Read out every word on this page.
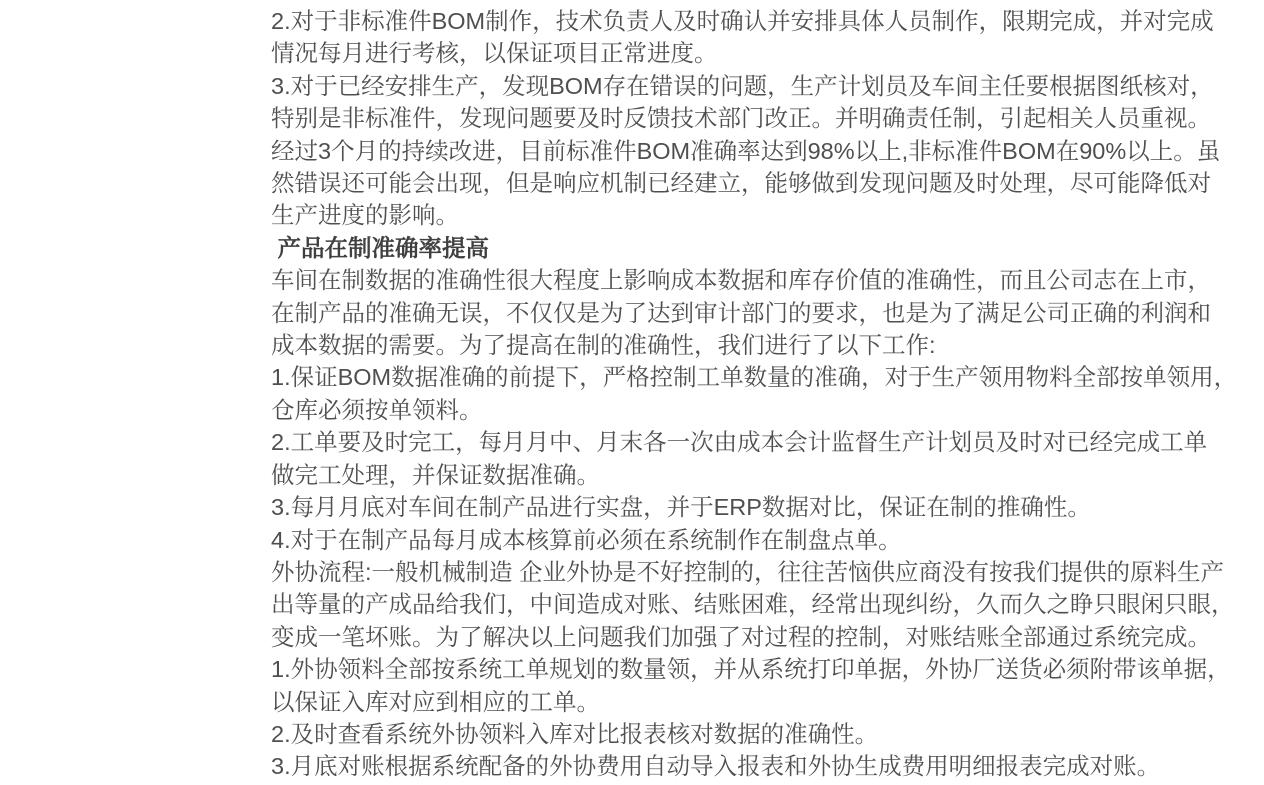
2.对于非标准件BOM制作，技术负责人及时确认并安排具体人员制作，限期完成，并对完成
情况每月进行考核，以保证项目正常进度。
3.对于已经安排生产，发现BOM存在错误的问题，生产计划员及车间主任要根据图纸核对，
特别是非标准件，发现问题要及时反馈技术部门改正。并明确责任制，引起相关人员重视。
经过3个月的持续改进，目前标准件BOM准确率达到98%以上,非标准件BOM在90%以上。虽
然错误还可能会出现，但是响应机制已经建立，能够做到发现问题及时处理，尽可能降低对
生产进度的影响。
产品在制准确率提高
车间在制数据的准确性很大程度上影响成本数据和库存价值的准确性，而且公司志在上市，
在制产品的准确无误，不仅仅是为了达到审计部门的要求，也是为了满足公司正确的利润和
成本数据的需要。为了提高在制的准确性，我们进行了以下工作:
1.保证BOM数据准确的前提下，严格控制工单数量的准确，对于生产领用物料全部按单领用，
仓库必须按单领料。
2.工单要及时完工，每月月中、月末各一次由成本会计监督生产计划员及时对已经完成工单
做完工处理，并保证数据准确。
3.每月月底对车间在制产品进行实盘，并于ERP数据对比，保证在制的推确性。
4.对于在制产品每月成本核算前必须在系统制作在制盘点单。
外协流程:一般机械制造 企业外协是不好控制的，往往苦恼供应商没有按我们提供的原料生产
出等量的产成品给我们，中间造成对账、结账困难，经常出现纠纷，久而久之睁只眼闲只眼，
变成一笔坏账。为了解决以上问题我们加强了对过程的控制，对账结账全部通过系统完成。
1.外协领料全部按系统工单规划的数量领，并从系统打印单据，外协厂送货必须附带该单据，
以保证入库对应到相应的工单。
2.及时查看系统外协领料入库对比报表核对数据的准确性。
3.月底对账根据系统配备的外协费用自动导入报表和外协生成费用明细报表完成对账。
